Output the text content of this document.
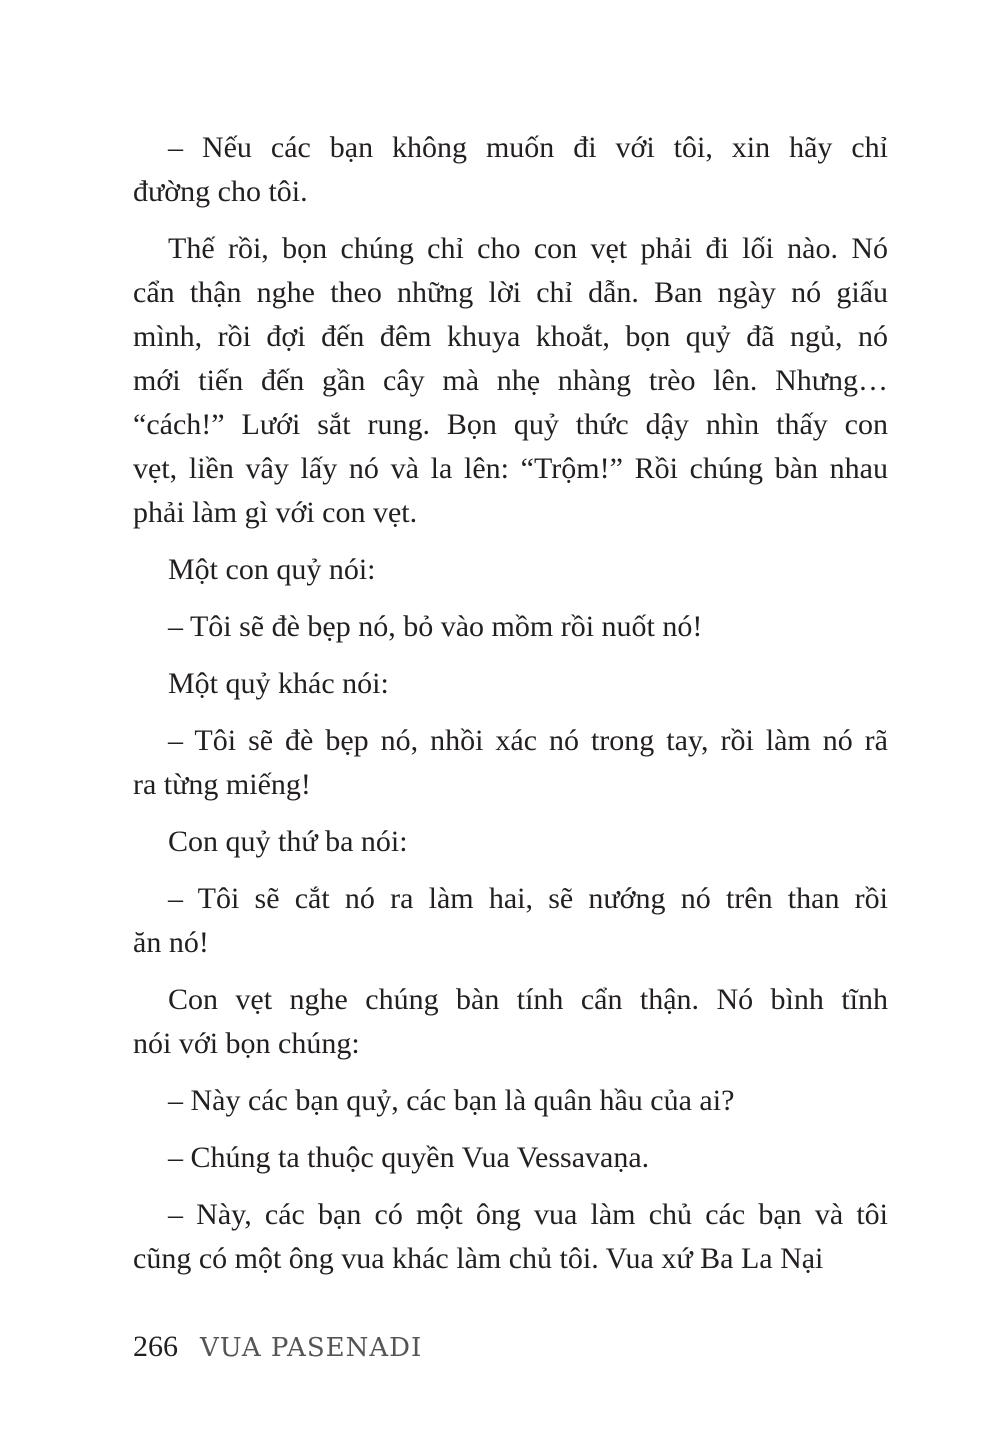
– Nếu các bạn không muốn đi với tôi, xin hãy chỉ
đường cho tôi.
Thế rồi, bọn chúng chỉ cho con vẹt phải đi lối nào. Nó
cẩn thận nghe theo những lời chỉ dẫn. Ban ngày nó giấu
mình, rồi đợi đến đêm khuya khoắt, bọn quỷ đã ngủ, nó
mới tiến đến gần cây mà nhẹ nhàng trèo lên. Nhưng…
“cách!” Lưới sắt rung. Bọn quỷ thức dậy nhìn thấy con
vẹt, liền vây lấy nó và la lên: “Trộm!” Rồi chúng bàn nhau
phải làm gì với con vẹt.
Một con quỷ nói:
– Tôi sẽ đè bẹp nó, bỏ vào mồm rồi nuốt nó!
Một quỷ khác nói:
– Tôi sẽ đè bẹp nó, nhồi xác nó trong tay, rồi làm nó rã
ra từng miếng!
Con quỷ thứ ba nói:
– Tôi sẽ cắt nó ra làm hai, sẽ nướng nó trên than rồi
ăn nó!
Con vẹt nghe chúng bàn tính cẩn thận. Nó bình tĩnh
nói với bọn chúng:
– Này các bạn quỷ, các bạn là quân hầu của ai?
– Chúng ta thuộc quyền Vua Vessavaṇa.
– Này, các bạn có một ông vua làm chủ các bạn và tôi
cũng có một ông vua khác làm chủ tôi. Vua xứ Ba La Nại
266 VUA PASENADI
